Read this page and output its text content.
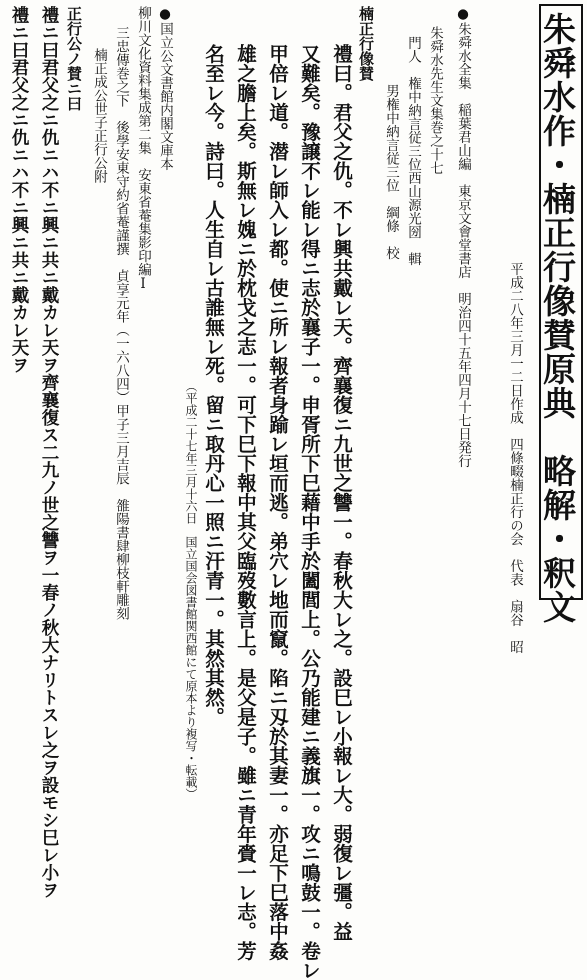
朱舜水作・楠正行像賛原典　略解・釈文
平成二八年三月一二日作成　四條畷楠正行の会　代表　扇谷　昭
●朱舜水全集　稲葉君山編　東京文會堂書店　明治四十五年四月十七日発行
朱舜水先生文集巻之十七
門人　権中納言従三位西山源光圀　輯
男権中納言従三位　綱條　校
楠正行像賛
禮曰。君父之仇。不レ興共戴レ天。齊襄復ニ九世之讐一。春秋大レ之。設巳レ小報レ大。弱復レ彊。益
又難矣。豫譲不レ能レ得ニ志於襄子一。申胥所下巳藉中手於闔閭上。公乃能建ニ義旗一。攻ニ鳴鼓一。卷レ
甲倍レ道。潜レ師入レ都。使ニ所レ報者身踰レ垣而逃。弟穴レ地而竄。陷ニ刄於其妻一。亦足下巳落中姦
雄之膽上矣。斯無レ媿ニ於枕戈之志一。可下巳下報中其父臨歿數言上。是父是子。雖ニ青年賫一レ志。芳
名至レ今。詩曰。人生自レ古誰無レ死。留ニ取丹心一照ニ汗青一。其然其然。
（平成二十七年三月十六日　国立国会図書館関西館にて原本より複写・転載）
●国立公文書館内閣文庫本
柳川文化資料集成第二集　安東省菴集影印編Ⅰ
三忠傳巻之下　後學安東守約省菴謹撰　貞享元年（一六八四）甲子三月吉辰　雒陽書肆柳枝軒雕刻
楠正成公世子正行公附
正行公ノ賛ニ曰
禮ニ曰君父之ニ仇ニハ不ニ興ニ共ニ戴カレ天ヲ齊襄復ス二九ノ世之讐ヲ一春ノ秋大ナリトスレ之ヲ設モシ巳レ小ヲ
禮ニ曰君父之ニ仇ニハ不ニ興ニ共ニ戴カレ天ヲ
